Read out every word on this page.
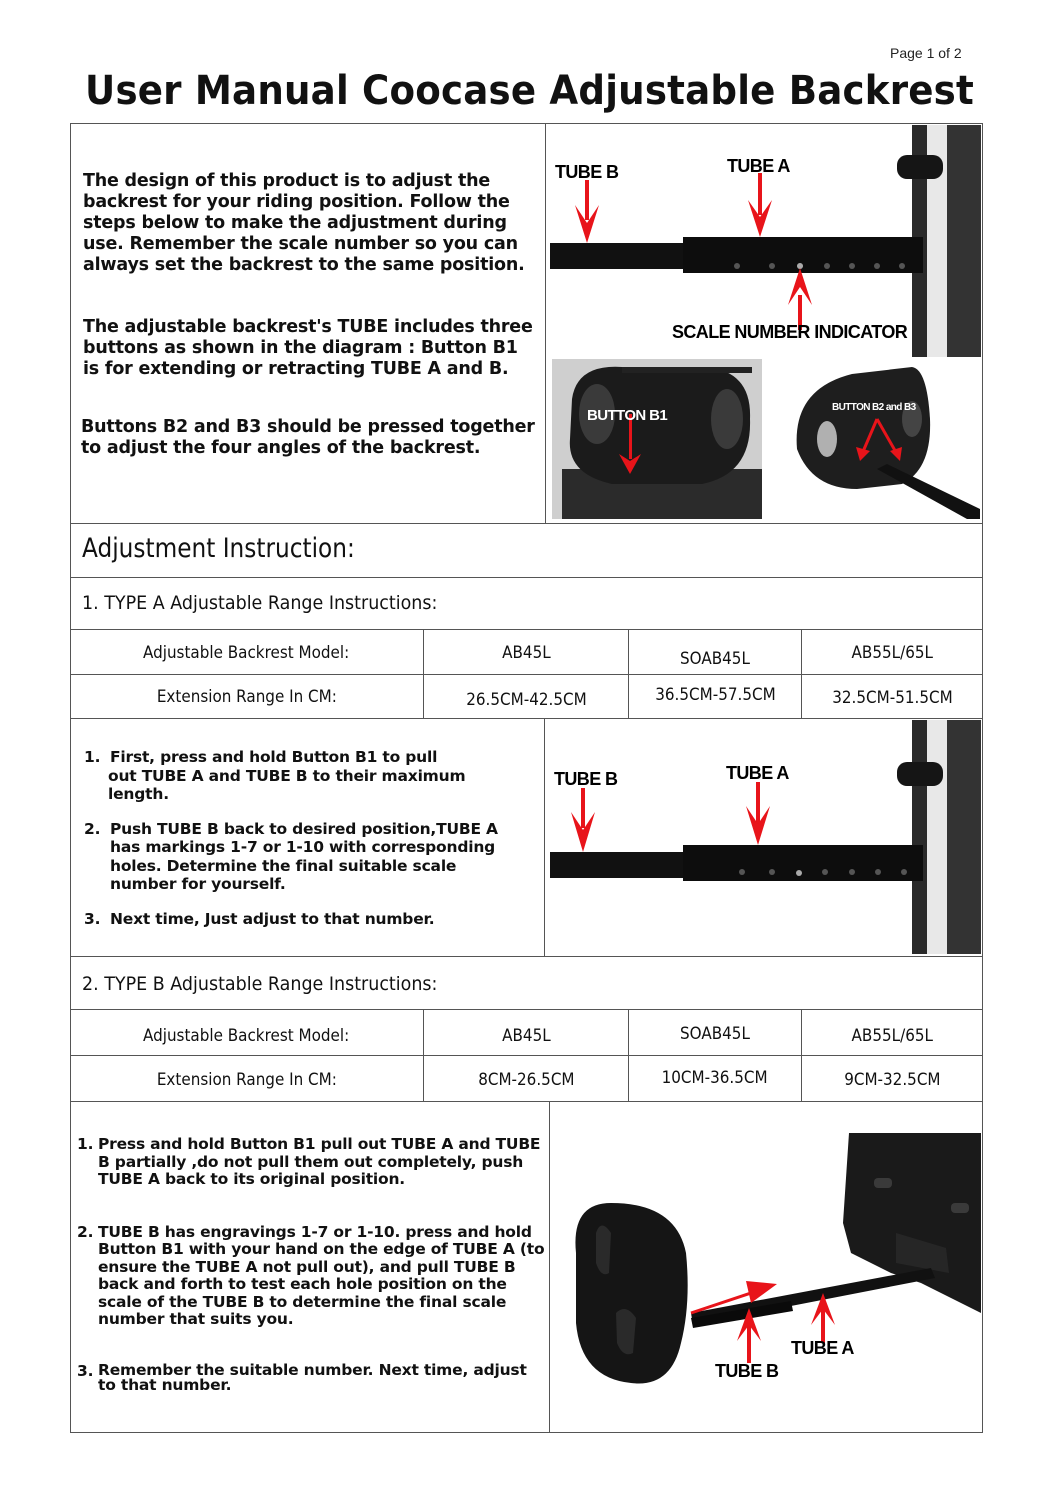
Page 1 of 2
User Manual Coocase Adjustable Backrest
The design of this product is to adjust the backrest for your riding position. Follow the steps below to make the adjustment during use. Remember the scale number so you can always set the backrest to the same position.
The adjustable backrest's TUBE includes three buttons as shown in the diagram : Button B1 is for extending or retracting TUBE A and B.
Buttons B2 and B3 should be pressed together to adjust the four angles of the backrest.
TUBE B	TUBE A
SCALE NUMBER INDICATOR
BUTTON B1	BUTTON B2 and B3
Adjustment Instruction:
1. TYPE A Adjustable Range Instructions:
Adjustable Backrest Model:	AB45L	SOAB45L	AB55L/65L
Extension Range In CM:	26.5CM-42.5CM	36.5CM-57.5CM	32.5CM-51.5CM
1. First, press and hold Button B1 to pull
out TUBE A and TUBE B to their maximum length.
2. Push TUBE B back to desired position,TUBE A has markings 1-7 or 1-10 with corresponding holes. Determine the final suitable scale number for yourself.
3. Next time, Just adjust to that number.
TUBE B	TUBE A
2. TYPE B Adjustable Range Instructions:
Adjustable Backrest Model:	AB45L	SOAB45L	AB55L/65L
Extension Range In CM:	8CM-26.5CM	10CM-36.5CM	9CM-32.5CM
1. Press and hold Button B1 pull out TUBE A and TUBE B partially ,do not pull them out completely, push TUBE A back to its original position.
2. TUBE B has engravings 1-7 or 1-10. press and hold Button B1 with your hand on the edge of TUBE A (to ensure the TUBE A not pull out), and pull TUBE B back and forth to test each hole position on the scale of the TUBE B to determine the final scale number that suits you.
3. Remember the suitable number. Next time, adjust to that number.
TUBE A
TUBE B
